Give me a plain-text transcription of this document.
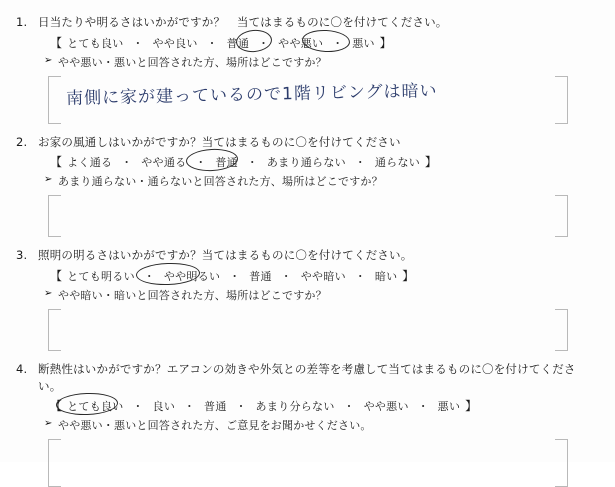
1. 日当たりや明るさはいかがですか？　当てはまるものに〇を付けてください。
【 とても良い ・ やや良い ・ 普通 ・ やや悪い ・ 悪い 】
➢ やや悪い・悪いと回答された方、場所はどこですか？
南側に家が建っているので1階リビングは暗い
2. お家の風通しはいかがですか？当てはまるものに〇を付けてください
【 よく通る ・ やや通る ・ 普通 ・ あまり通らない ・ 通らない 】
➢ あまり通らない・通らないと回答された方、場所はどこですか？
3. 照明の明るさはいかがですか？当てはまるものに〇を付けてください。
【 とても明るい ・ やや明るい ・ 普通 ・ やや暗い ・ 暗い 】
➢ やや暗い・暗いと回答された方、場所はどこですか？
4. 断熱性はいかがですか？エアコンの効きや外気との差等を考慮して当てはまるものに〇を付けてください。
【 とても良い ・ 良い ・ 普通 ・ あまり分らない ・ やや悪い ・ 悪い 】
➢ やや悪い・悪いと回答された方、ご意見をお聞かせください。
